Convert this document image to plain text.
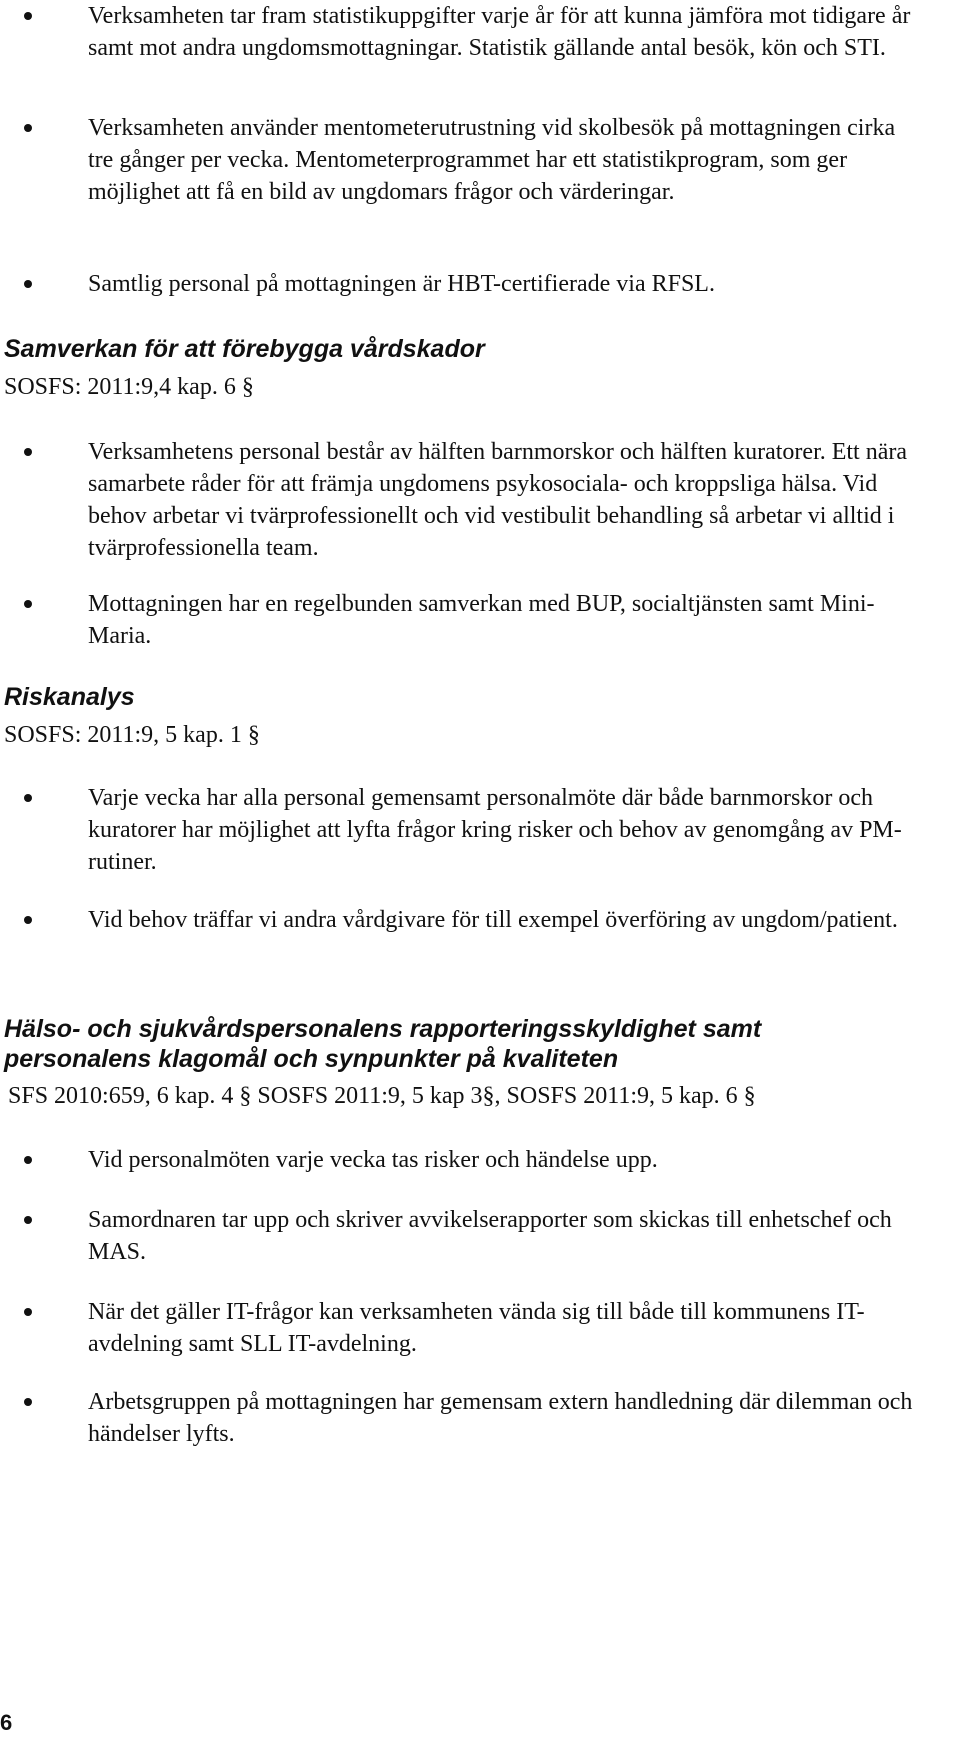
Verksamheten tar fram statistikuppgifter varje år för att kunna jämföra mot tidigare år samt mot andra ungdomsmottagningar. Statistik gällande antal besök, kön och STI.
Verksamheten använder mentometerutrustning vid skolbesök på mottagningen cirka tre gånger per vecka. Mentometerprogrammet har ett statistikprogram, som ger möjlighet att få en bild av ungdomars frågor och värderingar.
Samtlig personal på mottagningen är HBT-certifierade via RFSL.
Samverkan för att förebygga vårdskador

SOSFS: 2011:9,4 kap. 6 §

Verksamhetens personal består av hälften barnmorskor och hälften kuratorer. Ett nära samarbete råder för att främja ungdomens psykosociala- och kroppsliga hälsa. Vid behov arbetar vi tvärprofessionellt och vid vestibulit behandling så arbetar vi alltid i tvärprofessionella team.
Mottagningen har en regelbunden samverkan med BUP, socialtjänsten samt Mini-Maria.
Riskanalys

SOSFS: 2011:9, 5 kap. 1 §

Varje vecka har alla personal gemensamt personalmöte där både barnmorskor och kuratorer har möjlighet att lyfta frågor kring risker och behov av genomgång av PM-rutiner.
Vid behov träffar vi andra vårdgivare för till exempel överföring av ungdom/patient.
Hälso- och sjukvårdspersonalens rapporteringsskyldighet samt personalens klagomål och synpunkter på kvaliteten

SFS 2010:659, 6 kap. 4 § SOSFS 2011:9, 5 kap 3§, SOSFS 2011:9, 5 kap. 6 §

Vid personalmöten varje vecka tas risker och händelse upp.
Samordnaren tar upp och skriver avvikelserapporter som skickas till enhetschef och MAS.
När det gäller IT-frågor kan verksamheten vända sig till både till kommunens IT-avdelning samt SLL IT-avdelning.
Arbetsgruppen på mottagningen har gemensam extern handledning där dilemman och händelser lyfts.
6
